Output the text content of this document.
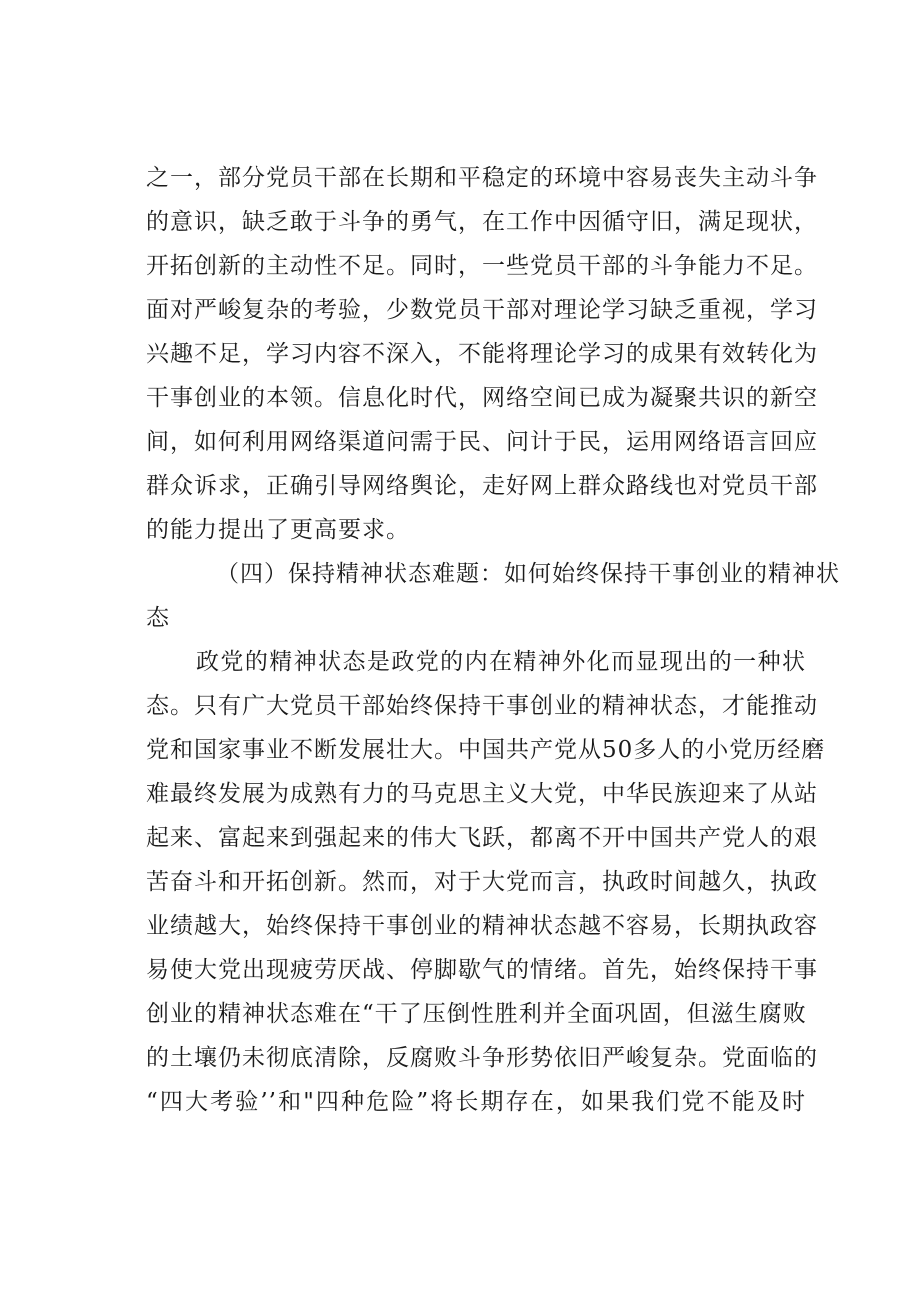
之一，部分党员干部在长期和平稳定的环境中容易丧失主动斗争
的意识，缺乏敢于斗争的勇气，在工作中因循守旧，满足现状，
开拓创新的主动性不足。同时，一些党员干部的斗争能力不足。
面对严峻复杂的考验，少数党员干部对理论学习缺乏重视，学习
兴趣不足，学习内容不深入，不能将理论学习的成果有效转化为
干事创业的本领。信息化时代，网络空间已成为凝聚共识的新空
间，如何利用网络渠道问需于民、问计于民，运用网络语言回应
群众诉求，正确引导网络舆论，走好网上群众路线也对党员干部
的能力提出了更高要求。
（四）保持精神状态难题：如何始终保持干事创业的精神状
态
政党的精神状态是政党的内在精神外化而显现出的一种状
态。只有广大党员干部始终保持干事创业的精神状态，才能推动
党和国家事业不断发展壮大。中国共产党从50多人的小党历经磨
难最终发展为成熟有力的马克思主义大党，中华民族迎来了从站
起来、富起来到强起来的伟大飞跃，都离不开中国共产党人的艰
苦奋斗和开拓创新。然而，对于大党而言，执政时间越久，执政
业绩越大，始终保持干事创业的精神状态越不容易，长期执政容
易使大党出现疲劳厌战、停脚歇气的情绪。首先，始终保持干事
创业的精神状态难在“干了压倒性胜利并全面巩固，但滋生腐败
的土壤仍未彻底清除，反腐败斗争形势依旧严峻复杂。党面临的
“四大考验’’和"四种危险”将长期存在，如果我们党不能及时
